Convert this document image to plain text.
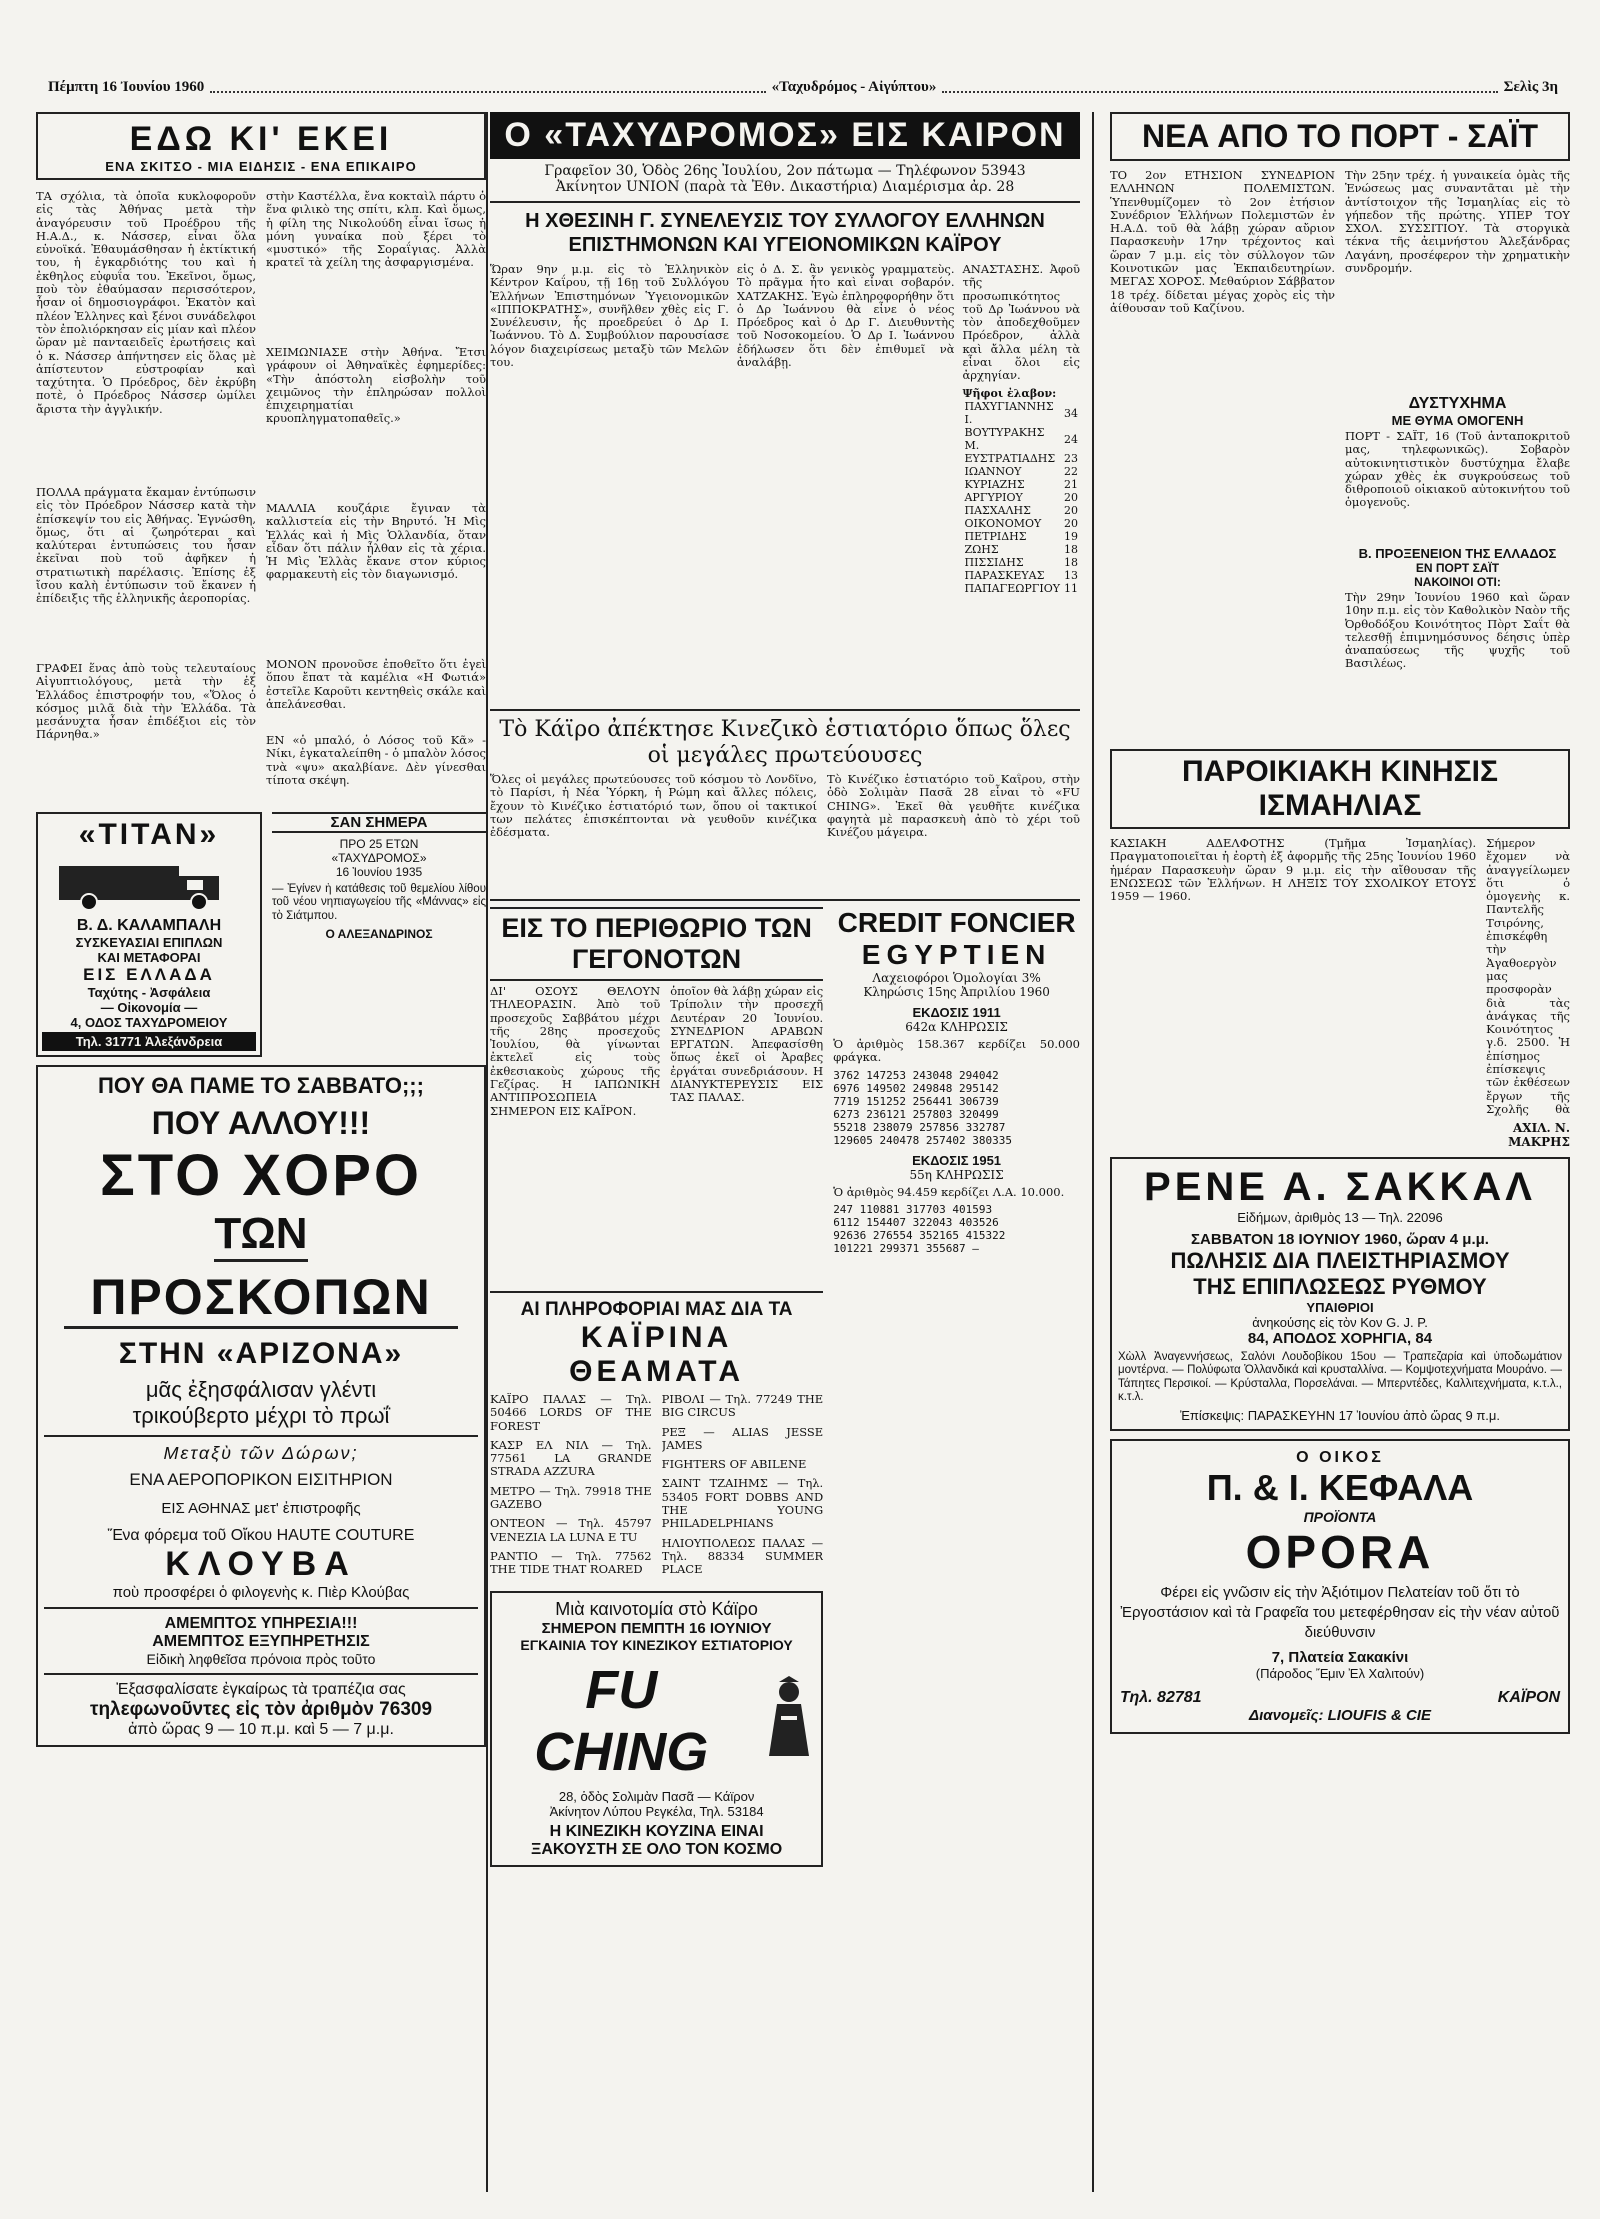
Πέμπτη 16 Ἰουνίου 1960	«Ταχυδρόμος - Αἰγύπτου»	Σελὶς 3η
ΕΔΩ ΚΙ' ΕΚΕΙ
ΕΝΑ ΣΚΙΤΣΟ - ΜΙΑ ΕΙΔΗΣΙΣ - ΕΝΑ ΕΠΙΚΑΙΡΟ

ΤΑ σχόλια, τὰ ὁποῖα κυκλοφοροῦν εἰς τὰς Ἀθήνας μετὰ τὴν ἀναγόρευσιν τοῦ Προέδρου τῆς Η.Α.Δ., κ. Νάσσερ, εἶναι ὅλα εὐνοϊκά. Ἐθαυμάσθησαν ἡ ἐκτίκτική του, ἡ ἐγκαρδιότης του καὶ ἡ ἐκθηλος εὐφυΐα του. Ἐκεῖνοι, ὅμως, ποὺ τὸν ἐθαύμασαν περισσότερον, ἦσαν οἱ δημοσιογράφοι. Ἐκατὸν καὶ πλέον Ἑλληνες καὶ ξένοι συνάδελφοι τὸν ἐπολιόρκησαν εἰς μίαν καὶ πλέον ὥραν μὲ πανταειδεῖς ἐρωτήσεις καὶ ὁ κ. Νάσσερ ἀπήντησεν εἰς ὅλας μὲ ἀπίστευτον εὐστροφίαν καὶ ταχύτητα. Ὁ Πρόεδρος, δὲν ἐκρύβη ποτὲ, ὁ Πρόεδρος Νάσσερ ὡμίλει ἄριστα τὴν ἀγγλικήν.

ΠΟΛΛΑ πράγματα ἔκαμαν ἐντύπωσιν εἰς τὸν Πρόεδρον Νάσσερ κατὰ τὴν ἐπίσκεψίν του εἰς Ἀθήνας. Ἐγνώσθη, ὅμως, ὅτι αἱ ζωηρότεραι καὶ καλύτεραι ἐντυπώσεις του ἦσαν ἐκεῖναι ποὺ τοῦ ἀφῆκεν ἡ στρατιωτικὴ παρέλασις. Ἐπίσης ἐξ ἴσου καλὴ ἐντύπωσιν τοῦ ἔκανεν ἡ ἐπίδειξις τῆς ἑλληνικῆς ἀεροπορίας.

ΓΡΑΦΕΙ ἕνας ἀπὸ τοὺς τελευταίους Αἰγυπτιολόγους, μετὰ τὴν ἐξ Ἑλλάδος ἐπιστροφήν του, «Ὅλος ὁ κόσμος μιλᾶ διὰ τὴν Ἑλλάδα. Τὰ μεσάνυχτα ἦσαν ἐπιδέξιοι εἰς τὸν Πάρνηθα.»

στὴν Καστέλλα, ἔνα κοκταὶλ πάρτυ ὁ ἕνα φιλικὸ της σπίτι, κλπ. Καὶ ὅμως, ἡ φίλη της Νικολούδη εἶναι ἴσως ἡ μόνη γυναίκα ποὺ ξέρει τὸ «μυστικό» τῆς Σοραΐγιας. Ἀλλὰ κρατεῖ τὰ χείλη της ἀσφαργισμένα.

ΧΕΙΜΩΝΙΑΣΕ στὴν Ἀθήνα. Ἔτσι γράφουν οἱ Ἀθηναϊκὲς ἐφημερίδες: «Τὴν ἀπόστολη εἰσβολὴν τοῦ χειμῶνος τὴν ἐπληρώσαν πολλοὶ ἐπιχειρηματίαι κρυοπληγματοπαθεῖς.»

ΜΑΛΛΙΑ κουζάριε ἔγιναν τὰ καλλιστεία εἰς τὴν Βηρυτό. Ἡ Μὶς Ἑλλάς καὶ ἡ Μὶς Ὁλλανδία, ὅταν εἶδαν ὅτι πάλιν ἦλθαν εἰς τὰ χέρια. Ἡ Μὶς Ἑλλὰς ἔκανε στον κύριος φαρμακευτὴ εἰς τὸν διαγωνισμό.

ΜΟΝΟΝ προνοῦσε ἐποθεῖτο ὅτι ἐγεὶ ὅπου ἔπατ τὰ καμέλια «Η Φωτιά» ἐστεῖλε Καροῦτι κεντηθεὶς σκάλε καὶ ἀπελάνεσθαι.

ΕΝ «ὁ μπαλό, ὁ Λόσος τοῦ Κᾶ» - Νίκι, ἐγκαταλείπθη - ὁ μπαλὸν λόσος τνὰ «ψυ» ακαλβίανε. Δὲν γίνεσθαι τίποτα σκέψη.

«ΤΙΤΑΝ»
Β. Δ. ΚΑΛΑΜΠΑΛΗ
ΣΥΣΚΕΥΑΣΙΑΙ ΕΠΙΠΛΩΝ
ΚΑΙ ΜΕΤΑΦΟΡΑΙ
ΕΙΣ ΕΛΛΑΔΑ
Ταχύτης - Ἀσφάλεια
— Οἰκονομία —
4, ΟΔΟΣ ΤΑΧΥΔΡΟΜΕΙΟΥ
Τηλ. 31771 Ἀλεξάνδρεια
ΣΑΝ ΣΗΜΕΡΑ
ΠΡΟ 25 ΕΤΩΝ
«ΤΑΧΥΔΡΟΜΟΣ»
16 Ἰουνίου 1935

— Ἐγίνεν ἡ κατάθεσις τοῦ θεμελίου λίθου τοῦ νέου νηπιαγωγείου τῆς «Μάννας» εἰς τὸ Σιάτμπου.

Ο ΑΛΕΞΑΝΔΡΙΝΟΣ
ΠΟΥ ΘΑ ΠΑΜΕ ΤΟ ΣΑΒΒΑΤΟ;;;
ΠΟΥ ΑΛΛΟΥ!!!
ΣΤΟ ΧΟΡΟ
ΤΩΝ
ΠΡΟΣΚΟΠΩΝ
ΣΤΗΝ «ΑΡΙΖΟΝΑ»
μᾶς ἐξησφάλισαν γλέντι
τρικούβερτο μέχρι τὸ πρωΐ
Μεταξὺ τῶν Δώρων;
ΕΝΑ ΑΕΡΟΠΟΡΙΚΟΝ ΕΙΣΙΤΗΡΙΟΝ
ΕΙΣ ΑΘΗΝΑΣ μετ' ἐπιστροφῆς
Ἕνα φόρεμα τοῦ Οἴκου HAUTE COUTURE
ΚΛΟΥΒΑ
ποὺ προσφέρει ὁ φιλογενὴς κ. Πιὲρ Κλούβας
ΑΜΕΜΠΤΟΣ ΥΠΗΡΕΣΙΑ!!!
ΑΜΕΜΠΤΟΣ ΕΞΥΠΗΡΕΤΗΣΙΣ
Εἰδικὴ ληφθεῖσα πρόνοια πρὸς τοῦτο
Ἐξασφαλίσατε ἐγκαίρως τὰ τραπέζια σας
τηλεφωνοῦντες εἰς τὸν ἀριθμὸν 76309
ἀπὸ ὥρας 9 — 10 π.μ. καὶ 5 — 7 μ.μ.
Ο «ΤΑΧΥΔΡΟΜΟΣ» ΕΙΣ ΚΑΙΡΟΝ
Γραφεῖον 30, Ὁδὸς 26ης Ἰουλίου, 2ον πάτωμα — Τηλέφωνον 53943
Ἀκίνητον UNION (παρὰ τὰ Ἐθν. Δικαστήρια) Διαμέρισμα ἀρ. 28
Η ΧΘΕΣΙΝΗ Γ. ΣΥΝΕΛΕΥΣΙΣ ΤΟΥ ΣΥΛΛΟΓΟΥ ΕΛΛΗΝΩΝ ΕΠΙΣΤΗΜΟΝΩΝ ΚΑΙ ΥΓΕΙΟΝΟΜΙΚΩΝ ΚΑΪΡΟΥ

Ὥραν 9ην μ.μ. εἰς τὸ Ἑλληνικὸν Κέντρον Καΐρου, τῇ 16ῃ τοῦ Συλλόγου Ἑλλήνων Ἐπιστημόνων Ὑγειονομικῶν «ΙΠΠΟΚΡΑΤΗΣ», συνῆλθεν χθὲς εἰς Γ. Συνέλευσιν, ἧς προεδρεύει ὁ Δρ Ι. Ἰωάννου. Τὸ Δ. Συμβούλιον παρουσίασε λόγον διαχειρίσεως μεταξὺ τῶν Μελῶν του.

εἰς ὁ Δ. Σ. ἂν γενικὸς γραμματεὺς. Τὸ πρᾶγμα ἦτο καὶ εἶναι σοβαρόν. ΧΑΤΖΑΚΗΣ. Ἐγὼ ἐπληροφορήθην ὅτι ὁ Δρ Ἰωάννου θὰ εἶνε ὁ νέος Πρόεδρος καὶ ὁ Δρ Γ. Διευθυντὴς τοῦ Νοσοκομείου. Ὁ Δρ Ι. Ἰωάννου ἐδήλωσεν ὅτι δὲν ἐπιθυμεῖ νὰ ἀναλάβῃ.

ΑΝΑΣΤΑΣΗΣ. Ἀφοῦ τῆς προσωπικότητος τοῦ Δρ Ἰωάννου νὰ τὸν ἀποδεχθοῦμεν Πρόεδρον, ἀλλὰ καὶ ἄλλα μέλη τὰ εἶναι ὅλοι εἰς ἀρχηγίαν.

Ψῆφοι ἐλαβον:
ΠΑΧΥΓΙΑΝΝΗΣ Ι.	34
ΒΟΥΤΥΡΑΚΗΣ Μ.	24
ΕΥΣΤΡΑΤΙΑΔΗΣ	23
ΙΩΑΝΝΟΥ	22
ΚΥΡΙΑΖΗΣ	21
ΑΡΓΥΡΙΟΥ	20
ΠΑΣΧΑΛΗΣ	20
ΟΙΚΟΝΟΜΟΥ	20
ΠΕΤΡΙΔΗΣ	19
ΖΩΗΣ	18
ΠΙΣΣΙΔΗΣ	18
ΠΑΡΑΣΚΕΥΑΣ	13
ΠΑΠΑΓΕΩΡΓΙΟΥ	11
Τὸ Κάϊρο ἀπέκτησε Κινεζικὸ ἑστιατόριο ὅπως ὅλες οἱ μεγάλες πρωτεύουσες

Ὅλες οἱ μεγάλες πρωτεύουσες τοῦ κόσμου τὸ Λονδῖνο, τὸ Παρίσι, ἡ Νέα Ὑόρκη, ἡ Ρώμη καὶ ἄλλες πόλεις, ἔχουν τὸ Κινέζικο ἑστιατόριό των, ὅπου οἱ τακτικοί των πελάτες ἐπισκέπτονται νὰ γευθοῦν κινέζικα ἐδέσματα.

Τὸ Κινέζικο ἑστιατόριο τοῦ Καΐρου, στὴν ὁδὸ Σολιμὰν Πασᾶ 28 εἶναι τὸ «FU CHING». Ἐκεῖ θὰ γευθῆτε κινέζικα φαγητὰ μὲ παρασκευὴ ἀπὸ τὸ χέρι τοῦ Κινέζου μάγειρα.

ΕΙΣ ΤΟ ΠΕΡΙΘΩΡΙΟ ΤΩΝ ΓΕΓΟΝΟΤΩΝ

ΔΙ' ΟΣΟΥΣ ΘΕΛΟΥΝ ΤΗΛΕΟΡΑΣΙΝ. Ἀπὸ τοῦ προσεχοῦς Σαββάτου μέχρι τῆς 28ης προσεχοῦς Ἰουλίου, θὰ γίνωνται ἐκτελεῖ εἰς τοὺς ἐκθεσιακοὺς χώρους τῆς Γεζίρας. Η ΙΑΠΩΝΙΚΗ ΑΝΤΙΠΡΟΣΩΠΕΙΑ ΣΗΜΕΡΟΝ ΕΙΣ ΚΑΪΡΟΝ.

ὁποῖον θὰ λάβῃ χώραν εἰς Τρίπολιν τὴν προσεχῆ Δευτέραν 20 Ἰουνίου. ΣΥΝΕΔΡΙΟΝ ΑΡΑΒΩΝ ΕΡΓΑΤΩΝ. Ἀπεφασίσθη ὅπως ἐκεῖ οἱ Ἀραβες ἐργάται συνεδριάσουν. Η ΔΙΑΝΥΚΤΕΡΕΥΣΙΣ ΕΙΣ ΤΑΣ ΠΑΛΑΣ.

ΑΙ ΠΛΗΡΟΦΟΡΙΑΙ ΜΑΣ ΔΙΑ ΤΑ
ΚΑΪΡΙΝΑ ΘΕΑΜΑΤΑ
ΚΑΪΡΟ ΠΑΛΑΣ — Τηλ. 50466 LORDS OF THE FOREST
ΚΑΣΡ ΕΛ ΝΙΛ — Τηλ. 77561 LA GRANDE STRADA AZZURA
ΜΕΤΡΟ — Τηλ. 79918 THE GAZEBO
ΟΝΤΕΟΝ — Τηλ. 45797 VENEZIA LA LUNA E TU
ΡΑΝΤΙΟ — Τηλ. 77562 THE TIDE THAT ROARED
ΡΙΒΟΛΙ — Τηλ. 77249 THE BIG CIRCUS
ΡΕΞ — ALIAS JESSE JAMES
FIGHTERS OF ABILENE
ΣΑΙΝΤ ΤΖΑΙΗΜΣ — Τηλ. 53405 FORT DOBBS AND THE YOUNG PHILADELPHIANS
ΗΛΙΟΥΠΟΛΕΩΣ ΠΑΛΑΣ — Τηλ. 88334 SUMMER PLACE
Μιὰ καινοτομία στὸ Κάϊρο
ΣΗΜΕΡΟΝ ΠΕΜΠΤΗ 16 ΙΟΥΝΙΟΥ
ΕΓΚΑΙΝΙΑ ΤΟΥ ΚΙΝΕΖΙΚΟΥ ΕΣΤΙΑΤΟΡΙΟΥ
FU CHING
28, ὁδὸς Σολιμὰν Πασᾶ — Κάϊρον
Ἀκίνητον Λύπου Ρεγκέλα, Τηλ. 53184
Η ΚΙΝΕΖΙΚΗ ΚΟΥΖΙΝΑ ΕΙΝΑΙ
ΞΑΚΟΥΣΤΗ ΣΕ ΟΛΟ ΤΟΝ ΚΟΣΜΟ
CREDIT FONCIER
EGYPTIEN
Λαχειοφόροι Ὁμολογίαι 3%
Κληρώσις 15ης Ἀπριλίου 1960
ΕΚΔΟΣΙΣ 1911
642α ΚΛΗΡΩΣΙΣ

Ὁ ἀριθμὸς 158.367 κερδίζει 50.000 φράγκα.

3762 147253 243048 294042
6976 149502 249848 295142
7719 151252 256441 306739
6273 236121 257803 320499
55218 238079 257856 332787
129605 240478 257402 380335
ΕΚΔΟΣΙΣ 1951
55η ΚΛΗΡΩΣΙΣ

Ὁ ἀριθμὸς 94.459 κερδίζει Λ.Α. 10.000.

247 110881 317703 401593
6112 154407 322043 403526
92636 276554 352165 415322
101221 299371 355687 —
ΝΕΑ ΑΠΟ ΤΟ ΠΟΡΤ - ΣΑΪΤ

ΤΟ 2ον ΕΤΗΣΙΟΝ ΣΥΝΕΔΡΙΟΝ ΕΛΛΗΝΩΝ ΠΟΛΕΜΙΣΤΩΝ. Ὑπενθυμίζομεν τὸ 2ον ἐτήσιον Συνέδριον Ἑλλήνων Πολεμιστῶν ἐν Η.Α.Δ. τοῦ θὰ λάβῃ χώραν αὔριον Παρασκευὴν 17ην τρέχοντος καὶ ὥραν 7 μ.μ. εἰς τὸν σύλλογον τῶν Κοινοτικῶν μας Ἐκπαιδευτηρίων. ΜΕΓΑΣ ΧΟΡΟΣ. Μεθαύριον Σάββατον 18 τρέχ. δίδεται μέγας χορὸς εἰς τὴν ἀίθουσαν τοῦ Καζίνου.

Τὴν 25ην τρέχ. ἡ γυναικεία ὁμὰς τῆς Ἑνώσεως μας συναντᾶται μὲ τὴν ἀντίστοιχον τῆς Ἰσμαηλίας εἰς τὸ γήπεδον τῆς πρώτης. ΥΠΕΡ ΤΟΥ ΣΧΟΛ. ΣΥΣΣΙΤΙΟΥ. Τὰ στοργικὰ τέκνα τῆς ἀειμνήστου Ἀλεξάνδρας Λαγάνη, προσέφερον τὴν χρηματικὴν συνδρομήν.

ΔΥΣΤΥΧΗΜΑ
ΜΕ ΘΥΜΑ ΟΜΟΓΕΝΗ

ΠΟΡΤ - ΣΑΪΤ, 16 (Τοῦ ἀνταποκριτοῦ μας, τηλεφωνικῶς). Σοβαρὸν αὐτοκινητιστικὸν δυστύχημα ἔλαβε χώραν χθὲς ἐκ συγκρούσεως τοῦ διθροποιοῦ οἰκιακοῦ αὐτοκινήτου τοῦ ὁμογενοῦς.

Β. ΠΡΟΞΕΝΕΙΟΝ ΤΗΣ ΕΛΛΑΔΟΣ
ΕΝ ΠΟΡΤ ΣΑΪΤ
ΝΑΚΟΙΝΟΙ ΟΤΙ:

Τὴν 29ην Ἰουνίου 1960 καὶ ὥραν 10ην π.μ. εἰς τὸν Καθολικὸν Ναὸν τῆς Ὀρθοδόξου Κοινότητος Πὸρτ Σαΐτ θὰ τελεσθῇ ἐπιμνημόσυνος δέησις ὑπὲρ ἀναπαύσεως τῆς ψυχῆς τοῦ Βασιλέως.

ΠΑΡΟΙΚΙΑΚΗ ΚΙΝΗΣΙΣ ΙΣΜΑΗΛΙΑΣ

ΚΑΣΙΑΚΗ ΑΔΕΛΦΟΤΗΣ (Τμῆμα Ἰσμαηλίας). Πραγματοποιεῖται ἡ ἐορτὴ ἐξ ἀφορμῆς τῆς 25ης Ἰουνίου 1960 ἡμέραν Παρασκευὴν ὥραν 9 μ.μ. εἰς τὴν αἴθουσαν τῆς ΕΝΩΣΕΩΣ τῶν Ἑλλήνων. Η ΛΗΞΙΣ ΤΟΥ ΣΧΟΛΙΚΟΥ ΕΤΟΥΣ 1959 — 1960.

Σήμερον ἔχομεν νὰ ἀναγγείλωμεν ὅτι ὁ ὁμογενὴς κ. Παντελῆς Τσιρόνης, ἐπισκέφθη τὴν Ἀγαθοεργὸν μας προσφορὰν διὰ τὰς ἀνάγκας τῆς Κοινότητος γ.δ. 2500. Ἡ ἐπίσημος ἐπίσκεψις τῶν ἐκθέσεων ἔργων τῆς Σχολῆς θὰ

ΑΧΙΛ. Ν. ΜΑΚΡΗΣ
ΡΕΝΕ Α. ΣΑΚΚΑΛ
Εἰδήμων, ἀριθμὸς 13 — Τηλ. 22096
ΣΑΒΒΑΤΟΝ 18 ΙΟΥΝΙΟΥ 1960, ὥραν 4 μ.μ.
ΠΩΛΗΣΙΣ ΔΙΑ ΠΛΕΙΣΤΗΡΙΑΣΜΟΥ
ΤΗΣ ΕΠΙΠΛΩΣΕΩΣ ΡΥΘΜΟΥ
ΥΠΑΙΘΡΙΟΙ
ἀνηκούσης εἰς τὸν Κον G. J. P.
84, ΑΠΟΔΟΣ ΧΟΡΗΓΙΑ, 84

Χὼλλ Ἀναγεννήσεως, Σαλόνι Λουδοβίκου 15ου — Τραπεζαρία καὶ ὑποδωμάτιον μοντέρνα. — Πολύφωτα Ὁλλανδικά καὶ κρυσταλλίνα. — Κομψοτεχνήματα Μουράνο. — Τάπητες Περσικοί. — Κρύσταλλα, Πορσελάναι. — Μπερντέδες, Καλλιτεχνήματα, κ.τ.λ., κ.τ.λ.

Ἐπίσκεψις: ΠΑΡΑΣΚΕΥΗΝ 17 Ἰουνίου ἀπὸ ὥρας 9 π.μ.
Ο ΟΙΚΟΣ
Π. & Ι. ΚΕΦΑΛΑ
ΠΡΟΪΟΝΤΑ
OPORA
Φέρει εἰς γνῶσιν εἰς τὴν Ἀξιότιμον Πελατείαν τοῦ ὅτι τὸ Ἐργοστάσιον καὶ τὰ Γραφεῖα του μετεφέρθησαν εἰς τὴν νέαν αὐτοῦ διεύθυνσιν
7, Πλατεία Σακακίνι
(Πάροδος Ἔμιν Ἐλ Χαλιτούν)
Τηλ. 82781	ΚΑΪΡΟΝ
Διανομεῖς: LIOUFIS & CIE
